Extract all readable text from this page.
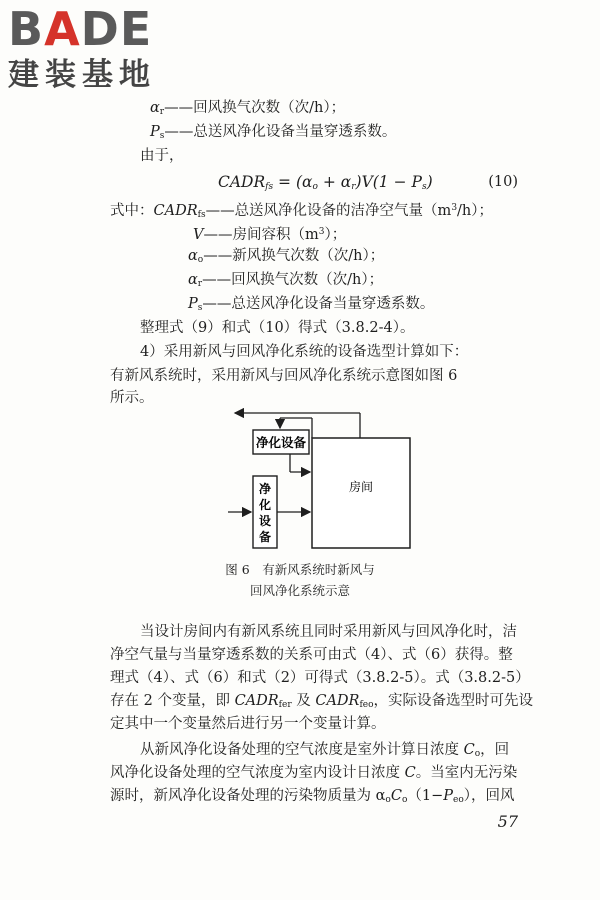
BADE
建装基地
$\alpha_r——$回风换气次数（次/h）；
$P_s——$总送风净化设备当量穿透系数。
由于，
$CADR_{fs} = (\alpha_o + \alpha_r)V(1 - P_s)$	(10)
式中：$CADR_{fs}——$总送风净化设备的洁净空气量$(m^3/h)$；
V——房间容积$(m^3)$；
$\alpha_o——$新风换气次数（次/h）；
$\alpha_r——$回风换气次数（次/h）；
$P_s——$总送风净化设备当量穿透系数。
整理式（9）和式（10）得式（3.8.2-4）。
4）采用新风与回风净化系统的设备选型计算如下：
有新风系统时，采用新风与回风净化系统示意图如图 6
所示。
净化设备
房间
净
化
设
备
图 6　有新风系统时新风与
回风净化系统示意
当设计房间内有新风系统且同时采用新风与回风净化时，洁
净空气量与当量穿透系数的关系可由式（4）、式（6）获得。整
理式（4）、式（6）和式（2）可得式（3.8.2-5）。式（3.8.2-5）
存在 2 个变量，即 $CADR_{fer}$ 及 $CADR_{feo}$，实际设备选型时可先设
定其中一个变量然后进行另一个变量计算。
从新风净化设备处理的空气浓度是室外计算日浓度 $C_o$，回
风净化设备处理的空气浓度为室内设计日浓度 C。当室内无污染
源时，新风净化设备处理的污染物质量为 $\alpha_oC_o(1-P_{eo})$，回风
57
